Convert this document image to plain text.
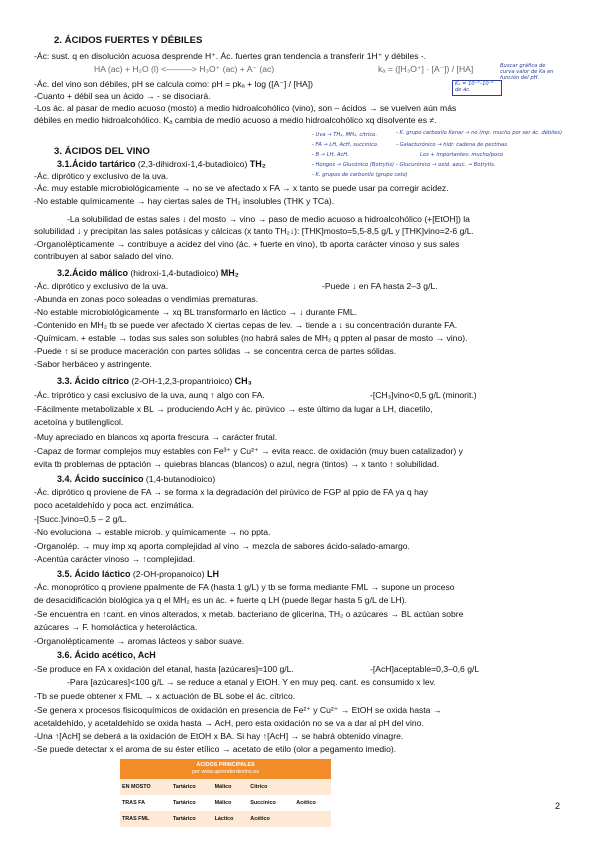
2. ÁCIDOS FUERTES Y DÉBILES
-Ác: sust. q en disolución acuosa desprende H⁺. Ác. fuertes gran tendencia a transferir 1H⁺ y débiles -.
HA (ac) + H₂O (l) <———> H₃O⁺ (ac) + A⁻ (ac)	kₐ = ([H₃O⁺] · [A⁻]) / [HA]
-Ác. del vino son débiles, pH se calcula como: pH = pkₐ + log ([A⁻] / [HA])
-Cuanto + débil sea un ácido → - se disociará.
-Los ác. al pasar de medio acuoso (mosto) a medio hidroalcohólico (vino), son – ácidos → se vuelven aún más
débiles en medio hidroalcohólico. Kₐ cambia de medio acuoso a medio hidroalcohólico xq disolvente es ≠.
Buscar gráfica de
curva valor de Ka en
función del pH.
Kₐ = 10⁻³–10⁻⁵
de ác.
3. ÁCIDOS DEL VINO
- Uva → TH₂, MH₂, citrico.
- FA → LH, AcH, succinico.
- B → LH, AcH.
- Hongos → Glucónico (Botrytis)
- K. grupos de carbonilo (grupo ceto)
- K. grupo carboxilo Kenar → no (mp. mucho por ser ác. débiles)
- Galacturónico → hidr. cadena de pectinas.
Los + importantes: mucho/poco
- Glucurónico → oxid. azuc. → Botrytis.
3.1.Ácido tartárico (2,3-dihidroxi-1,4-butadioico) TH₂
-Ác. diprótico y exclusivo de la uva.
-Ác. muy estable microbiológicamente → no se ve afectado x FA → x tanto se puede usar pa corregir acidez.
-No estable químicamente → hay ciertas sales de TH₂ insolubles (THK y TCa).
-La solubilidad de estas sales ↓ del mosto → vino → paso de medio acuoso a hidroalcohólico (+[EtOH]) la
solubilidad ↓ y precipitan las sales potásicas y cálcicas (x tanto TH₂↓): [THK]mosto=5,5-8,5 g/L y [THK]vino=2-6 g/L.
-Organolépticamente → contribuye a acidez del vino (ác. + fuerte en vino), tb aporta carácter vinoso y sus sales
contribuyen al sabor salado del vino.
3.2.Ácido málico (hidroxi-1,4-butadioico) MH₂
-Ác. diprótico y exclusivo de la uva.	-Puede ↓ en FA hasta 2–3 g/L.
-Abunda en zonas poco soleadas o vendimias prematuras.
-No estable microbiológicamente → xq BL transformarlo en láctico → ↓ durante FML.
-Contenido en MH₂ tb se puede ver afectado X ciertas cepas de lev. → tiende a ↓ su concentración durante FA.
-Químicam. + estable → todas sus sales son solubles (no habrá sales de MH₂ q ppten al pasar de mosto → vino).
-Puede ↑ si se produce maceración con partes sólidas → se concentra cerca de partes sólidas.
-Sabor herbáceo y astringente.
3.3. Ácido cítrico (2-OH-1,2,3-propantrioico) CH₃
-Ác. triprótico y casi exclusivo de la uva, aunq ↑ algo con FA.	-[CH₃]vino<0,5 g/L (minorit.)
-Fácilmente metabolizable x BL → produciendo AcH y ác. pirúvico → este último da lugar a LH, diacetilo,
acetoína y butilenglicol.
-Muy apreciado en blancos xq aporta frescura → carácter frutal.
-Capaz de formar complejos muy estables con Fe³⁺ y Cu²⁺ → evita reacc. de oxidación (muy buen catalizador) y
evita tb problemas de pptación → quiebras blancas (blancos) o azul, negra (tintos) → x tanto ↑ solubilidad.
3.4. Ácido succínico (1,4-butanodioico)
-Ác. diprótico q proviene de FA → se forma x la degradación del pirúvico de FGP al ppio de FA ya q hay
poco acetaldehído y poca act. enzimática.
-[Succ.]vino=0,5 – 2 g/L.
-No evoluciona → estable microb. y químicamente → no ppta.
-Organolép. → muy imp xq aporta complejidad al vino → mezcla de sabores ácido-salado-amargo.
-Acentúa carácter vinoso → ↑complejidad.
3.5. Ácido láctico (2-OH-propanoico) LH
-Ác. monoprótico q proviene ppalmente de FA (hasta 1 g/L) y tb se forma mediante FML → supone un proceso
de desacidificación biológica ya q el MH₂ es un ác. + fuerte q LH (puede llegar hasta 5 g/L de LH).
-Se encuentra en ↑cant. en vinos alterados, x metab. bacteriano de glicerina, TH₂ o azúcares → BL actúan sobre
azúcares → F. homoláctica y heteroláctica.
-Organolépticamente → aromas lácteos y sabor suave.
3.6. Ácido acético, AcH
-Se produce en FA x oxidación del etanal, hasta [azúcares]≈100 g/L.	-[AcH]aceptable=0,3–0,6 g/L
-Para [azúcares]<100 g/L → se reduce a etanal y EtOH. Y en muy peq. cant. es consumido x lev.
-Tb se puede obtener x FML → x actuación de BL sobe el ác. cítrico.
-Se genera x procesos fisicoquímicos de oxidación en presencia de Fe²⁺ y Cu²⁺ → EtOH se oxida hasta →
acetaldehído, y acetaldehído se oxida hasta → AcH, pero esta oxidación no se va a dar al pH del vino.
-Una ↑[AcH] se deberá a la oxidación de EtOH x BA. Si hay ↑[AcH] → se habrá obtenido vinagre.
-Se puede detectar x el aroma de su éster etílico → acetato de etilo (olor a pegamento imedio).
ÁCIDOS PRINCIPALES
por www.aprenderdevino.es				

EN MOSTO	Tartárico	Málico	Cítrico	
TRAS FA	Tartárico	Málico	Succínico	Acético
TRAS FML	Tartárico	Láctico	Acético	
2
